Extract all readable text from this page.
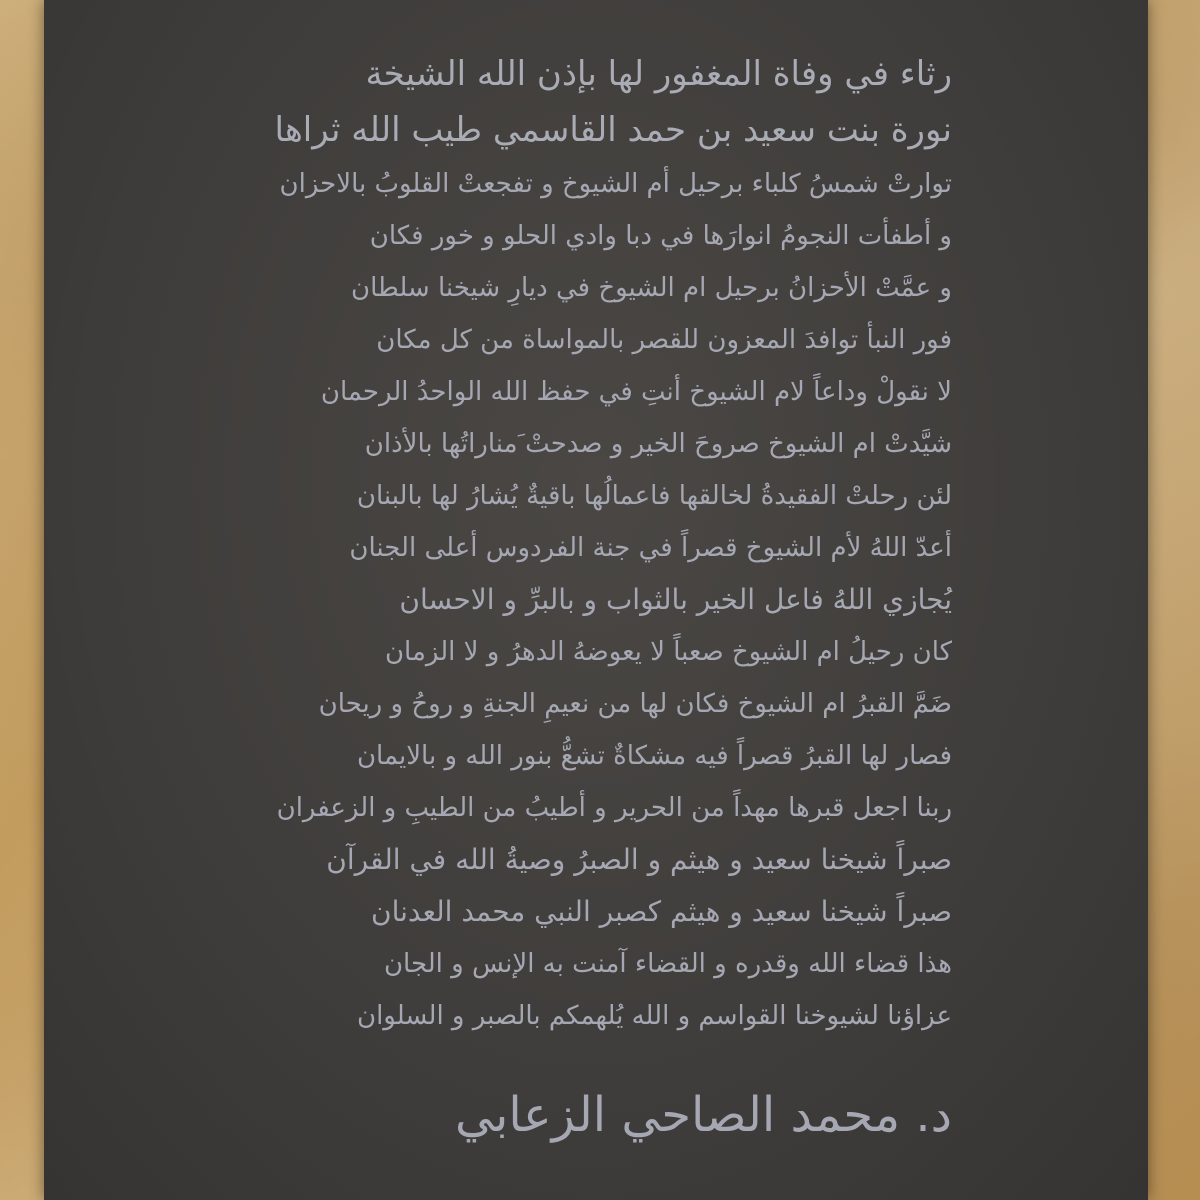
رثاء في وفاة المغفور لها بإذن الله الشيخة
نورة بنت سعيد بن حمد القاسمي طيب الله ثراها
توارتْ شمسُ كلباء برحيل أم الشيوخ و تفجعتْ القلوبُ بالاحزان
و أطفأت النجومُ انوارَها في دبا وادي الحلو و خور فكان
و عمَّتْ الأحزانُ برحيل ام الشيوخ في ديارِ شيخنا سلطان
فور النبأ توافدَ المعزون للقصر بالمواساة من كل مكان
لا نقولْ وداعاً لام الشيوخ أنتِ في حفظ الله الواحدُ الرحمان
شيَّدتْ ام الشيوخ صروحَ الخير و صدحتْ َمناراتُها بالأذان
لئن رحلتْ الفقيدةُ لخالقها فاعمالُها باقيةٌ يُشارُ لها بالبنان
أعدّ اللهُ لأم الشيوخ قصراً في جنة الفردوس أعلى الجنان
يُجازي اللهُ فاعل الخير بالثواب و بالبرِّ و الاحسان
كان رحيلُ ام الشيوخ صعباً لا يعوضهُ الدهرُ و لا الزمان
ضَمَّ القبرُ ام الشيوخ فكان لها من نعيمِ الجنةِ و روحُ و ريحان
فصار لها القبرُ قصراً فيه مشكاةٌ تشعُّ بنور الله و بالايمان
ربنا اجعل قبرها مهداً من الحرير و أطيبُ من الطيبِ و الزعفران
صبراً شيخنا سعيد و هيثم و الصبرُ وصيةُ الله في القرآن
صبراً شيخنا سعيد و هيثم كصبر النبي محمد العدنان
هذا قضاء الله وقدره و القضاء آمنت به الإنس و الجان
عزاؤنا لشيوخنا القواسم و الله يُلهمكم بالصبر و السلوان
د. محمد الصاحي الزعابي
